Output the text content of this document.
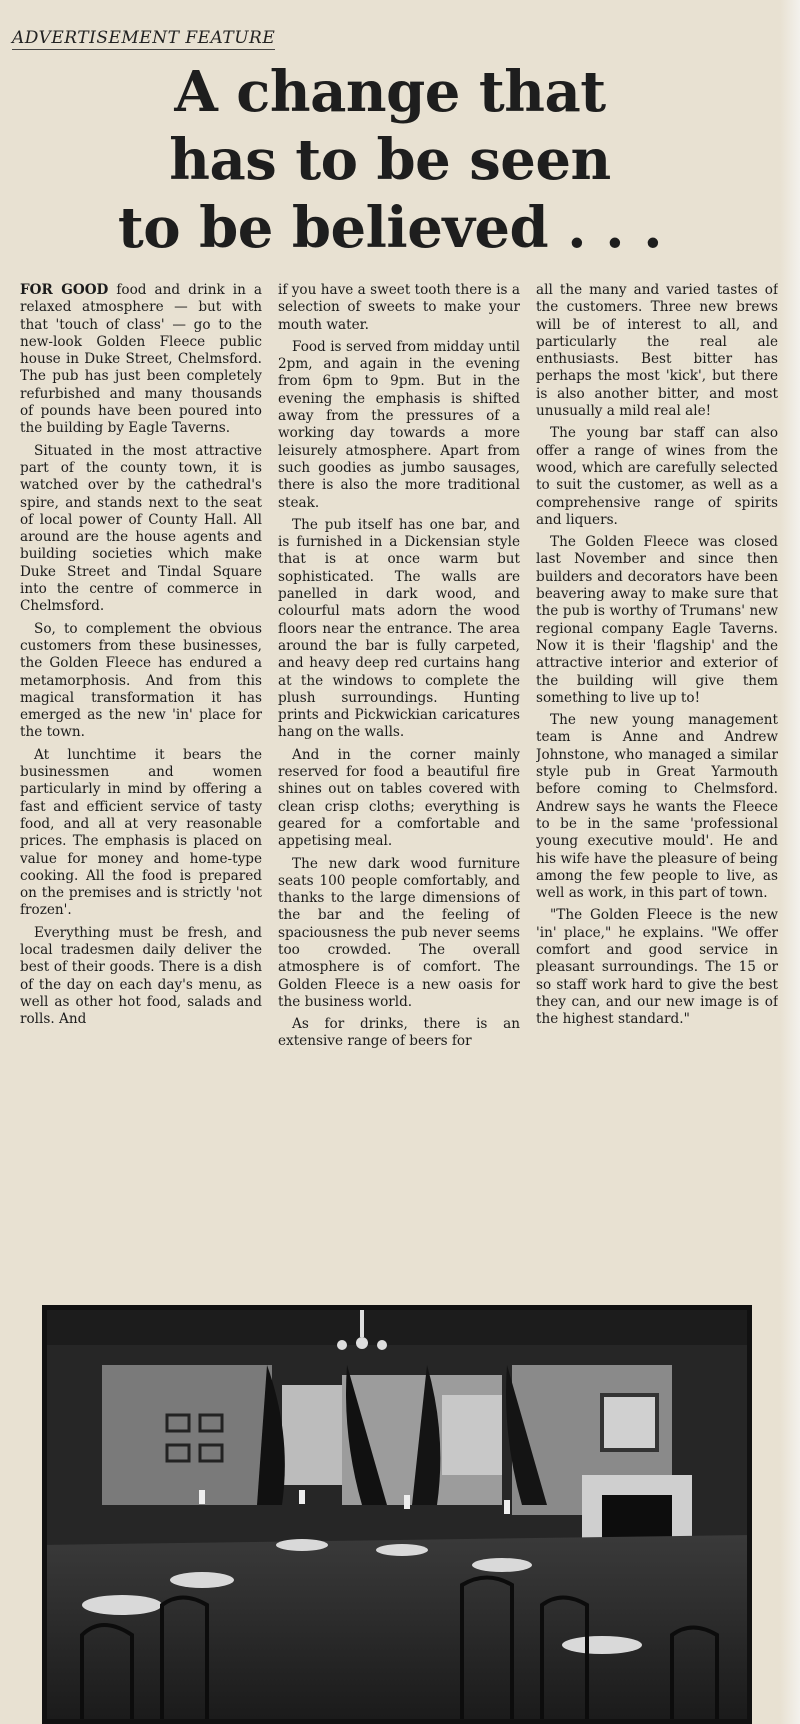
ADVERTISEMENT FEATURE
A change that
has to be seen
to be believed . . .

FOR GOOD food and drink in a relaxed atmosphere — but with that 'touch of class' — go to the new-look Golden Fleece public house in Duke Street, Chelmsford. The pub has just been completely refurbished and many thousands of pounds have been poured into the building by Eagle Taverns.

Situated in the most attractive part of the county town, it is watched over by the cathedral's spire, and stands next to the seat of local power of County Hall. All around are the house agents and building societies which make Duke Street and Tindal Square into the centre of commerce in Chelmsford.

So, to complement the obvious customers from these businesses, the Golden Fleece has endured a metamorphosis. And from this magical transformation it has emerged as the new 'in' place for the town.

At lunchtime it bears the businessmen and women particularly in mind by offering a fast and efficient service of tasty food, and all at very reasonable prices. The emphasis is placed on value for money and home-type cooking. All the food is prepared on the premises and is strictly 'not frozen'.

Everything must be fresh, and local tradesmen daily deliver the best of their goods. There is a dish of the day on each day's menu, as well as other hot food, salads and rolls. And

if you have a sweet tooth there is a selection of sweets to make your mouth water.

Food is served from midday until 2pm, and again in the evening from 6pm to 9pm. But in the evening the emphasis is shifted away from the pressures of a working day towards a more leisurely atmosphere. Apart from such goodies as jumbo sausages, there is also the more traditional steak.

The pub itself has one bar, and is furnished in a Dickensian style that is at once warm but sophisticated. The walls are panelled in dark wood, and colourful mats adorn the wood floors near the entrance. The area around the bar is fully carpeted, and heavy deep red curtains hang at the windows to complete the plush surroundings. Hunting prints and Pickwickian caricatures hang on the walls.

And in the corner mainly reserved for food a beautiful fire shines out on tables covered with clean crisp cloths; everything is geared for a comfortable and appetising meal.

The new dark wood furniture seats 100 people comfortably, and thanks to the large dimensions of the bar and the feeling of spaciousness the pub never seems too crowded. The overall atmosphere is of comfort. The Golden Fleece is a new oasis for the business world.

As for drinks, there is an extensive range of beers for

all the many and varied tastes of the customers. Three new brews will be of interest to all, and particularly the real ale enthusiasts. Best bitter has perhaps the most 'kick', but there is also another bitter, and most unusually a mild real ale!

The young bar staff can also offer a range of wines from the wood, which are carefully selected to suit the customer, as well as a comprehensive range of spirits and liquers.

The Golden Fleece was closed last November and since then builders and decorators have been beavering away to make sure that the pub is worthy of Trumans' new regional company Eagle Taverns. Now it is their 'flagship' and the attractive interior and exterior of the building will give them something to live up to!

The new young management team is Anne and Andrew Johnstone, who managed a similar style pub in Great Yarmouth before coming to Chelmsford. Andrew says he wants the Fleece to be in the same 'professional young executive mould'. He and his wife have the pleasure of being among the few people to live, as well as work, in this part of town.

"The Golden Fleece is the new 'in' place," he explains. "We offer comfort and good service in pleasant surroundings. The 15 or so staff work hard to give the best they can, and our new image is of the highest standard."
